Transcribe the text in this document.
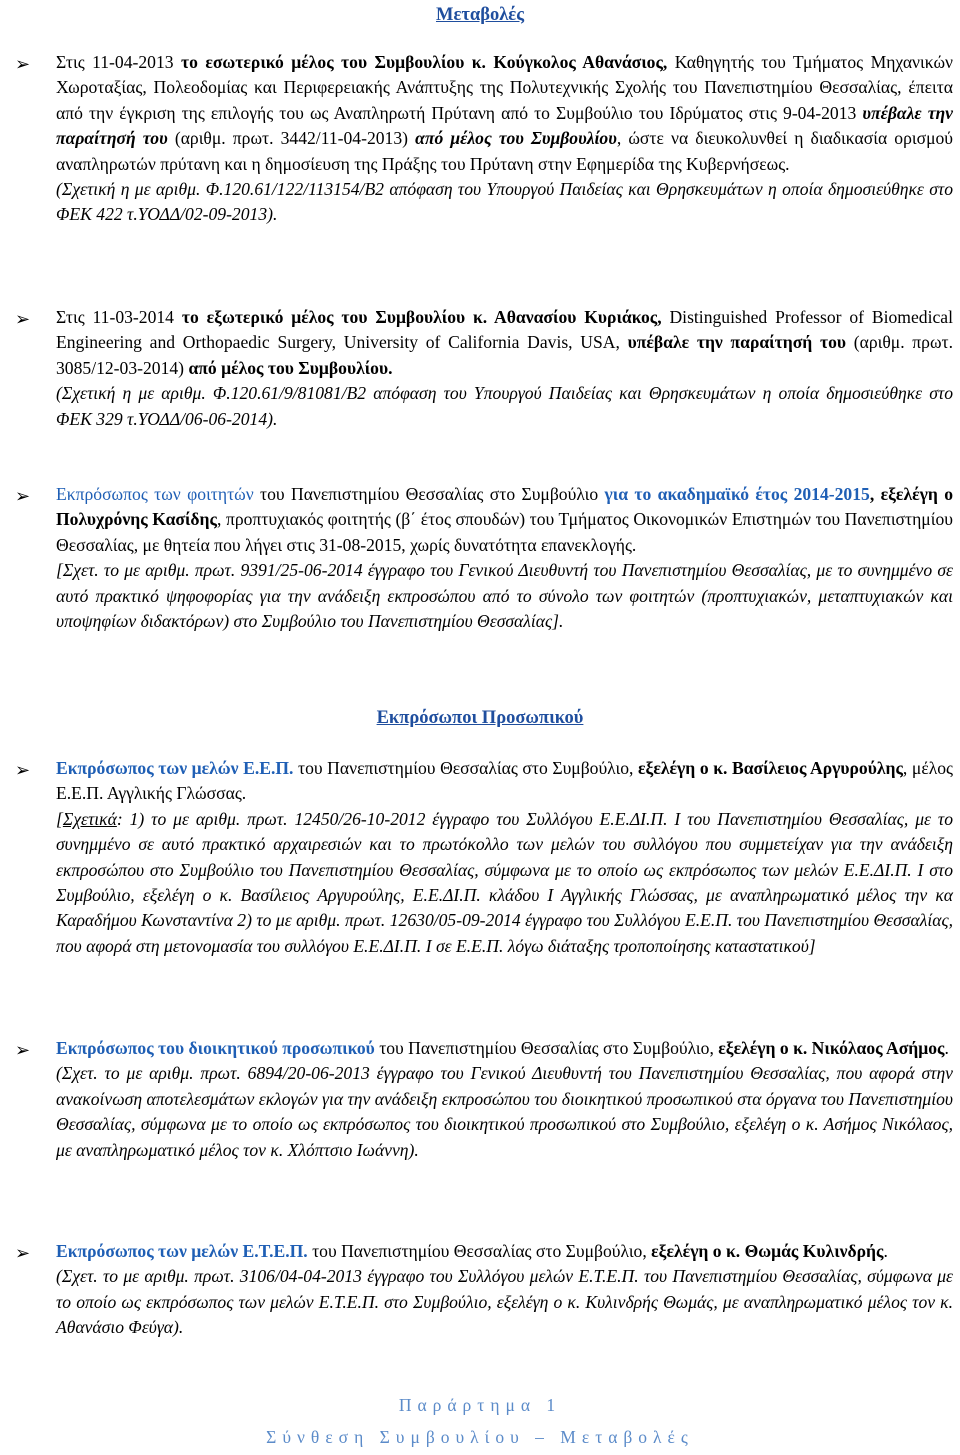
Μεταβολές
➢ Στις 11-04-2013 το εσωτερικό μέλος του Συμβουλίου κ. Κούγκολος Αθανάσιος, Καθηγητής του Τμήματος Μηχανικών Χωροταξίας, Πολεοδομίας και Περιφερειακής Ανάπτυξης της Πολυτεχνικής Σχολής του Πανεπιστημίου Θεσσαλίας, έπειτα από την έγκριση της επιλογής του ως Αναπληρωτή Πρύτανη από το Συμβούλιο του Ιδρύματος στις 9-04-2013 υπέβαλε την παραίτησή του (αριθμ. πρωτ. 3442/11-04-2013) από μέλος του Συμβουλίου, ώστε να διευκολυνθεί η διαδικασία ορισμού αναπληρωτών πρύτανη και η δημοσίευση της Πράξης του Πρύτανη στην Εφημερίδα της Κυβερνήσεως.

(Σχετική η με αριθμ. Φ.120.61/122/113154/Β2 απόφαση του Υπουργού Παιδείας και Θρησκευμάτων η οποία δημοσιεύθηκε στο ΦΕΚ 422 τ.ΥΟΔΔ/02-09-2013).

➢ Στις 11-03-2014 το εξωτερικό μέλος του Συμβουλίου κ. Αθανασίου Κυριάκος, Distinguished Professor of Biomedical Engineering and Orthopaedic Surgery, University of California Davis, USA, υπέβαλε την παραίτησή του (αριθμ. πρωτ. 3085/12-03-2014) από μέλος του Συμβουλίου.

(Σχετική η με αριθμ. Φ.120.61/9/81081/Β2 απόφαση του Υπουργού Παιδείας και Θρησκευμάτων η οποία δημοσιεύθηκε στο ΦΕΚ 329 τ.ΥΟΔΔ/06-06-2014).

➢ Εκπρόσωπος των φοιτητών του Πανεπιστημίου Θεσσαλίας στο Συμβούλιο για το ακαδημαϊκό έτος 2014-2015, εξελέγη ο Πολυχρόνης Κασίδης, προπτυχιακός φοιτητής (β΄ έτος σπουδών) του Τμήματος Οικονομικών Επιστημών του Πανεπιστημίου Θεσσαλίας, με θητεία που λήγει στις 31-08-2015, χωρίς δυνατότητα επανεκλογής.

[Σχετ. το με αριθμ. πρωτ. 9391/25-06-2014 έγγραφο του Γενικού Διευθυντή του Πανεπιστημίου Θεσσαλίας, με το συνημμένο σε αυτό πρακτικό ψηφοφορίας για την ανάδειξη εκπροσώπου από το σύνολο των φοιτητών (προπτυχιακών, μεταπτυχιακών και υποψηφίων διδακτόρων) στο Συμβούλιο του Πανεπιστημίου Θεσσαλίας].

Εκπρόσωποι Προσωπικού
➢ Εκπρόσωπος των μελών Ε.Ε.Π. του Πανεπιστημίου Θεσσαλίας στο Συμβούλιο, εξελέγη ο κ. Βασίλειος Αργυρούλης, μέλος Ε.Ε.Π. Αγγλικής Γλώσσας.

[Σχετικά: 1) το με αριθμ. πρωτ. 12450/26-10-2012 έγγραφο του Συλλόγου Ε.Ε.ΔΙ.Π. Ι του Πανεπιστημίου Θεσσαλίας, με το συνημμένο σε αυτό πρακτικό αρχαιρεσιών και το πρωτόκολλο των μελών του συλλόγου που συμμετείχαν για την ανάδειξη εκπροσώπου στο Συμβούλιο του Πανεπιστημίου Θεσσαλίας, σύμφωνα με το οποίο ως εκπρόσωπος των μελών Ε.Ε.ΔΙ.Π. Ι στο Συμβούλιο, εξελέγη ο κ. Βασίλειος Αργυρούλης, Ε.Ε.ΔΙ.Π. κλάδου Ι Αγγλικής Γλώσσας, με αναπληρωματικό μέλος την κα Καραδήμου Κωνσταντίνα 2) το με αριθμ. πρωτ. 12630/05-09-2014 έγγραφο του Συλλόγου Ε.Ε.Π. του Πανεπιστημίου Θεσσαλίας, που αφορά στη μετονομασία του συλλόγου Ε.Ε.ΔΙ.Π. Ι σε Ε.Ε.Π. λόγω διάταξης τροποποίησης καταστατικού]

➢ Εκπρόσωπος του διοικητικού προσωπικού του Πανεπιστημίου Θεσσαλίας στο Συμβούλιο, εξελέγη ο κ. Νικόλαος Ασήμος.

(Σχετ. το με αριθμ. πρωτ. 6894/20-06-2013 έγγραφο του Γενικού Διευθυντή του Πανεπιστημίου Θεσσαλίας, που αφορά στην ανακοίνωση αποτελεσμάτων εκλογών για την ανάδειξη εκπροσώπου του διοικητικού προσωπικού στα όργανα του Πανεπιστημίου Θεσσαλίας, σύμφωνα με το οποίο ως εκπρόσωπος του διοικητικού προσωπικού στο Συμβούλιο, εξελέγη ο κ. Ασήμος Νικόλαος, με αναπληρωματικό μέλος τον κ. Χλόπτσιο Ιωάννη).

➢ Εκπρόσωπος των μελών Ε.Τ.Ε.Π. του Πανεπιστημίου Θεσσαλίας στο Συμβούλιο, εξελέγη ο κ. Θωμάς Κυλινδρής.

(Σχετ. το με αριθμ. πρωτ. 3106/04-04-2013 έγγραφο του Συλλόγου μελών Ε.Τ.Ε.Π. του Πανεπιστημίου Θεσσαλίας, σύμφωνα με το οποίο ως εκπρόσωπος των μελών Ε.Τ.Ε.Π. στο Συμβούλιο, εξελέγη ο κ. Κυλινδρής Θωμάς, με αναπληρωματικό μέλος τον κ. Αθανάσιο Φεύγα).

Παράρτημα 1
Σύνθεση Συμβουλίου – Μεταβολές
